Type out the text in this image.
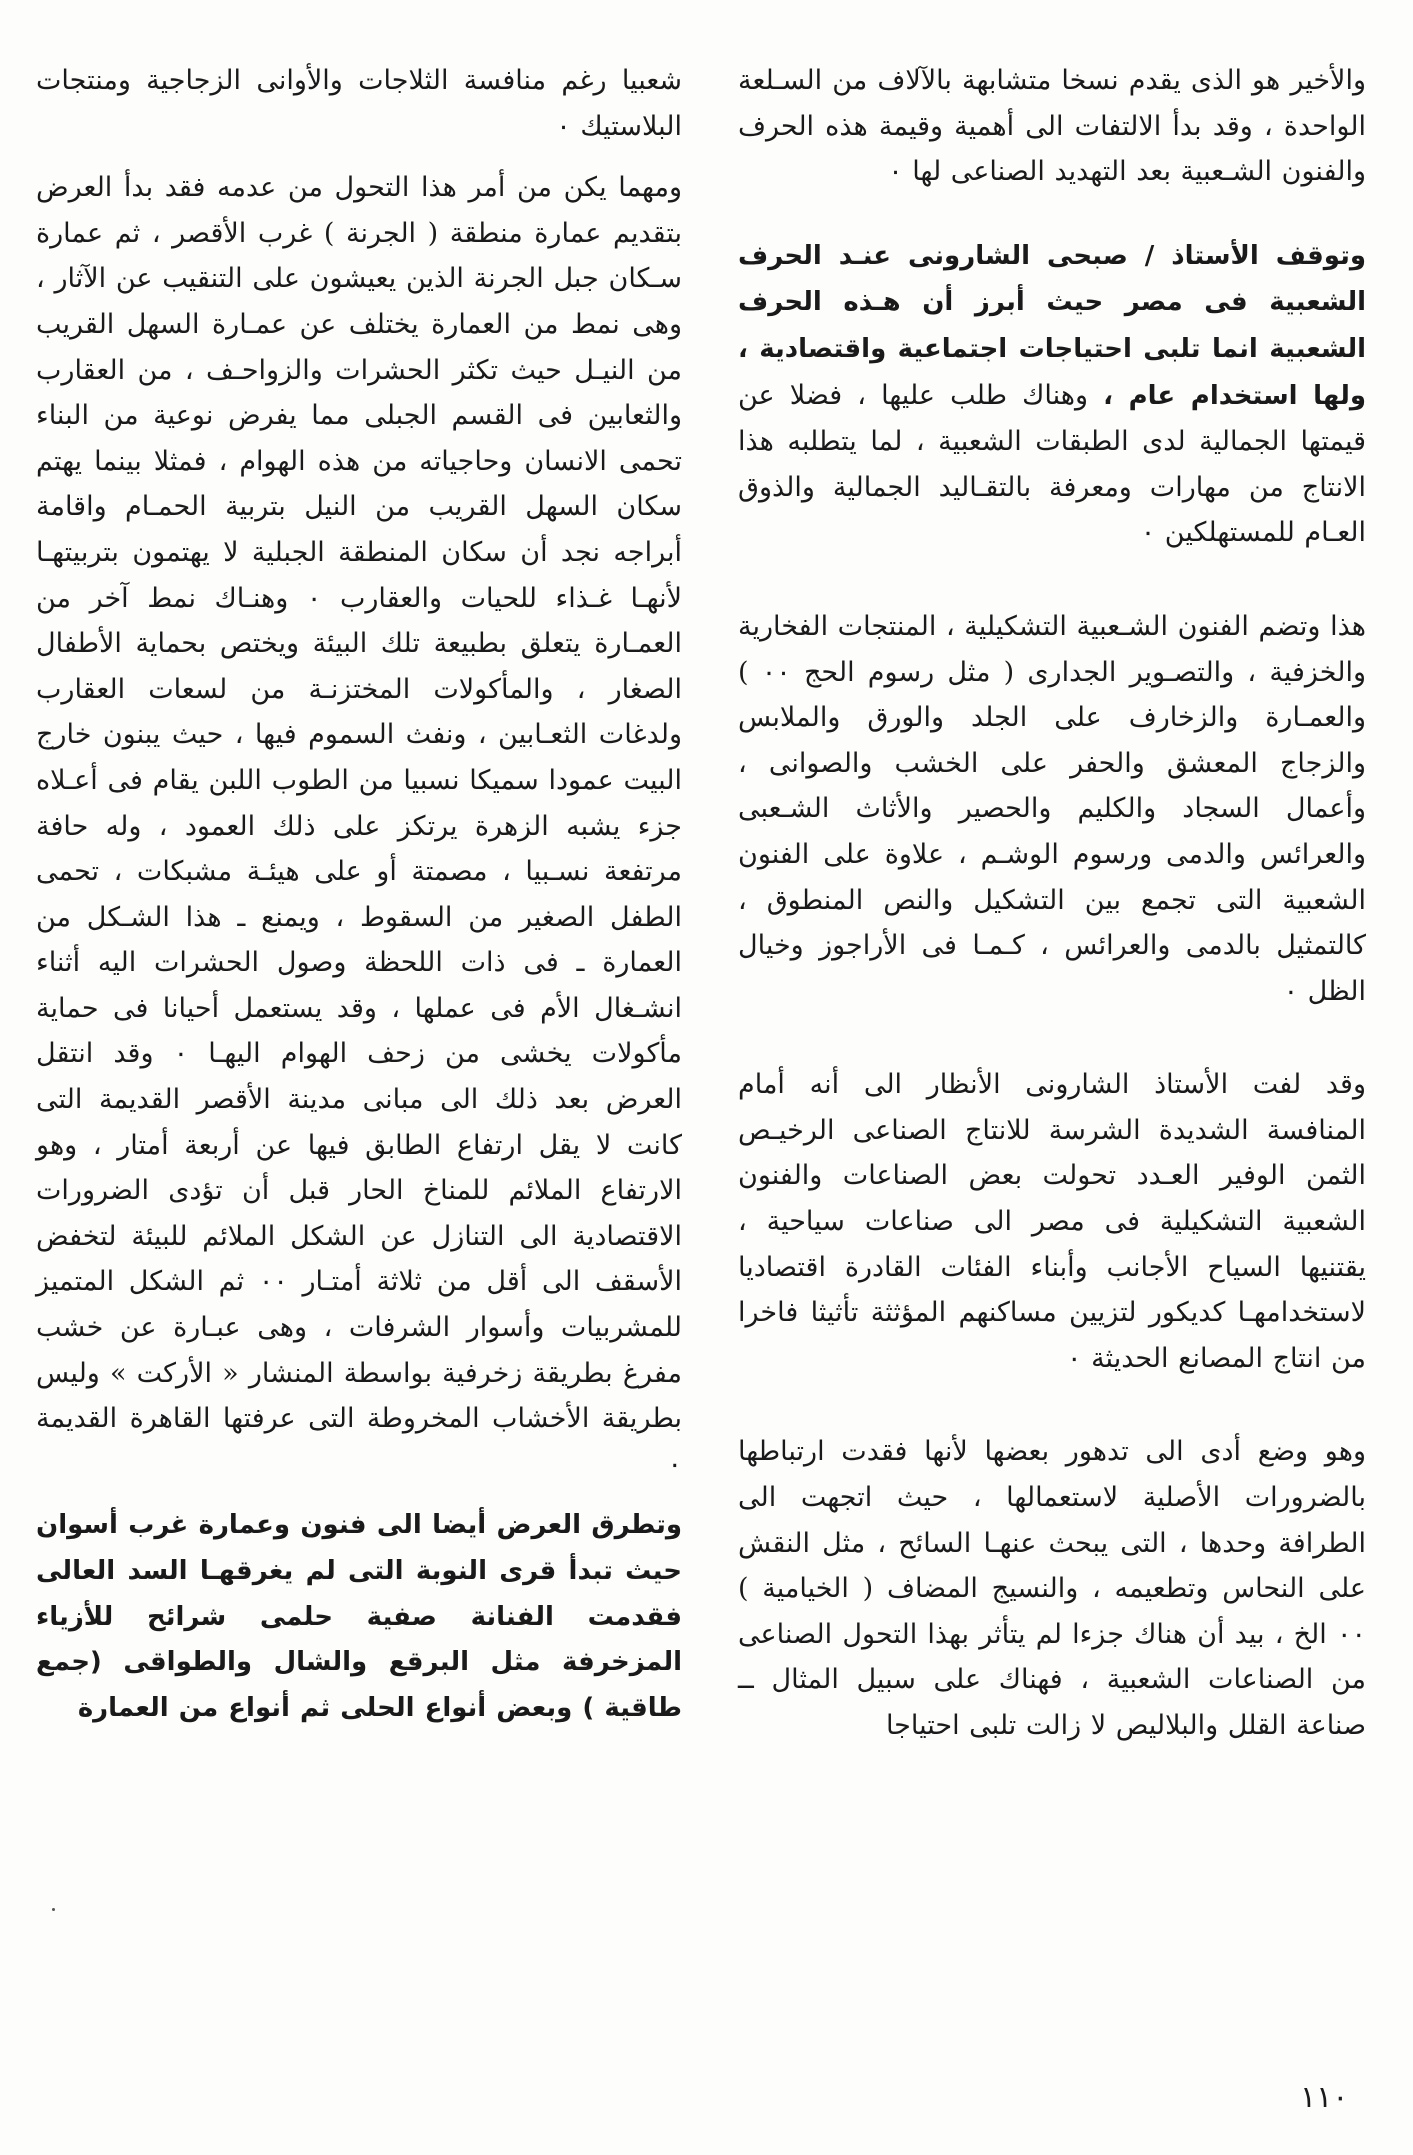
والأخير هو الذى يقدم نسخا متشابهة بالآلاف من السـلعة الواحدة ، وقد بدأ الالتفات الى أهمية وقيمة هذه الحرف والفنون الشـعبية بعد التهديد الصناعى لها ٠

وتوقف الأستاذ / صبحى الشارونى عنـد الحرف الشعبية فى مصر حيث أبرز أن هـذه الحرف الشعبية انما تلبى احتياجات اجتماعية واقتصادية ، ولها استخدام عام ، وهناك طلب عليها ، فضلا عن قيمتها الجمالية لدى الطبقات الشعبية ، لما يتطلبه هذا الانتاج من مهارات ومعرفة بالتقـاليد الجمالية والذوق العـام للمستهلكين ٠

هذا وتضم الفنون الشـعبية التشكيلية ، المنتجات الفخارية والخزفية ، والتصـوير الجدارى ( مثل رسوم الحج ٠٠ ) والعمـارة والزخارف على الجلد والورق والملابس والزجاج المعشق والحفر على الخشب والصوانى ، وأعمال السجاد والكليم والحصير والأثاث الشـعبى والعرائس والدمى ورسوم الوشـم ، علاوة على الفنون الشعبية التى تجمع بين التشكيل والنص المنطوق ، كالتمثيل بالدمى والعرائس ، كـمـا فى الأراجوز وخيال الظل ٠

وقد لفت الأستاذ الشارونى الأنظار الى أنه أمام المنافسة الشديدة الشرسة للانتاج الصناعى الرخيـص الثمن الوفير العـدد تحولت بعض الصناعات والفنون الشعبية التشكيلية فى مصر الى صناعات سياحية ، يقتنيها السياح الأجانب وأبناء الفئات القادرة اقتصاديا لاستخدامهـا كديكور لتزيين مساكنهم المؤثثة تأثيثا فاخرا من انتاج المصانع الحديثة ٠

وهو وضع أدى الى تدهور بعضها لأنها فقدت ارتباطها بالضرورات الأصلية لاستعمالها ، حيث اتجهت الى الطرافة وحدها ، التى يبحث عنهـا السائح ، مثل النقش على النحاس وتطعيمه ، والنسيج المضاف ( الخيامية ) ٠٠ الخ ، بيد أن هناك جزءا لم يتأثر بهذا التحول الصناعى من الصناعات الشعبية ، فهناك على سبيل المثال ــ صناعة القلل والبلاليص لا زالت تلبى احتياجا

شعبيا رغم منافسة الثلاجات والأوانى الزجاجية ومنتجات البلاستيك ٠

ومهما يكن من أمر هذا التحول من عدمه فقد بدأ العرض بتقديم عمارة منطقة ( الجرنة ) غرب الأقصر ، ثم عمارة سـكان جبل الجرنة الذين يعيشون على التنقيب عن الآثار ، وهى نمط من العمارة يختلف عن عمـارة السهل القريب من النيـل حيث تكثر الحشرات والزواحـف ، من العقارب والثعابين فى القسم الجبلى مما يفرض نوعية من البناء تحمى الانسان وحاجياته من هذه الهوام ، فمثلا بينما يهتم سكان السهل القريب من النيل بتربية الحمـام واقامة أبراجه نجد أن سكان المنطقة الجبلية لا يهتمون بتربيتهـا لأنهـا غـذاء للحيات والعقارب ٠ وهنـاك نمط آخر من العمـارة يتعلق بطبيعة تلك البيئة ويختص بحماية الأطفال الصغار ، والمأكولات المختزنـة من لسعات العقارب ولدغات الثعـابين ، ونفث السموم فيها ، حيث يبنون خارج البيت عمودا سميكا نسبيا من الطوب اللبن يقام فى أعـلاه جزء يشبه الزهرة يرتكز على ذلك العمود ، وله حافة مرتفعة نسـبيا ، مصمتة أو على هيئـة مشبكات ، تحمى الطفل الصغير من السقوط ، ويمنع ـ هذا الشـكل من العمارة ـ فى ذات اللحظة وصول الحشرات اليه أثناء انشـغال الأم فى عملها ، وقد يستعمل أحيانا فى حماية مأكولات يخشى من زحف الهوام اليهـا ٠ وقد انتقل العرض بعد ذلك الى مبانى مدينة الأقصر القديمة التى كانت لا يقل ارتفاع الطابق فيها عن أربعة أمتار ، وهو الارتفاع الملائم للمناخ الحار قبل أن تؤدى الضرورات الاقتصادية الى التنازل عن الشكل الملائم للبيئة لتخفض الأسقف الى أقل من ثلاثة أمتـار ٠٠ ثم الشكل المتميز للمشربيات وأسوار الشرفات ، وهى عبـارة عن خشب مفرغ بطريقة زخرفية بواسطة المنشار « الأركت » وليس بطريقة الأخشاب المخروطة التى عرفتها القاهرة القديمة ٠

وتطرق العرض أيضا الى فنون وعمارة غرب أسوان حيث تبدأ قرى النوبة التى لم يغرقهـا السد العالى فقدمت الفنانة صفية حلمى شرائح للأزياء المزخرفة مثل البرقع والشال والطواقى (جمع طاقية ) وبعض أنواع الحلى ثم أنواع من العمارة

١١٠
